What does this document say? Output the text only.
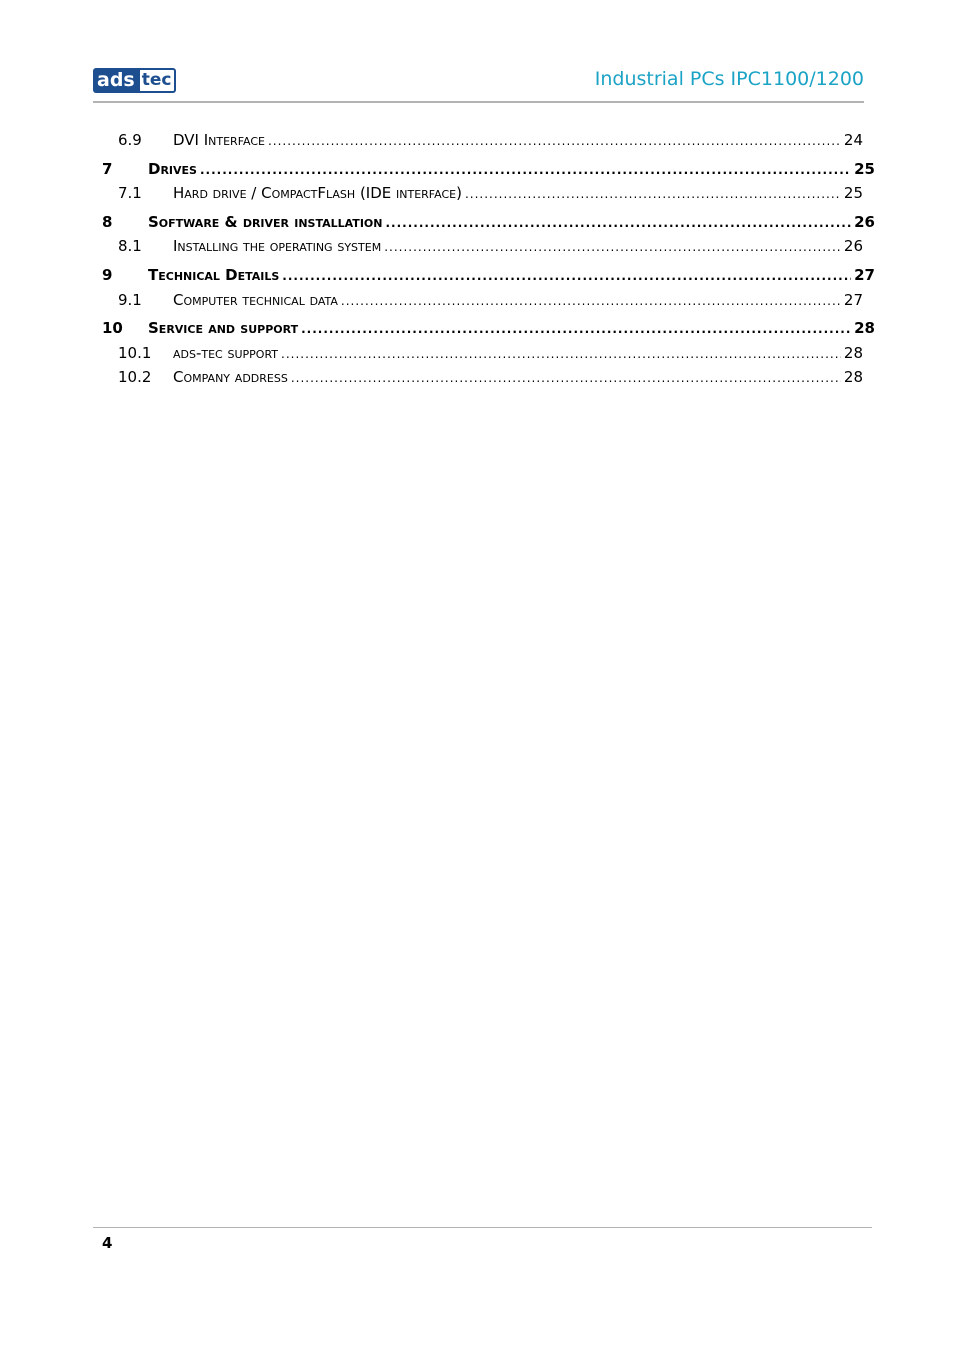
ads tec	Industrial PCs IPC1100/1200
6.9	DVI Interface .....	24
7	Drives .....	25
7.1	Hard drive / CompactFlash (IDE interface) .....	25
8	Software & driver installation .....	26
8.1	Installing the operating system .....	26
9	Technical Details .....	27
9.1	Computer technical data .....	27
10	Service and support .....	28
10.1	ads-tec support .....	28
10.2	Company address .....	28
4
